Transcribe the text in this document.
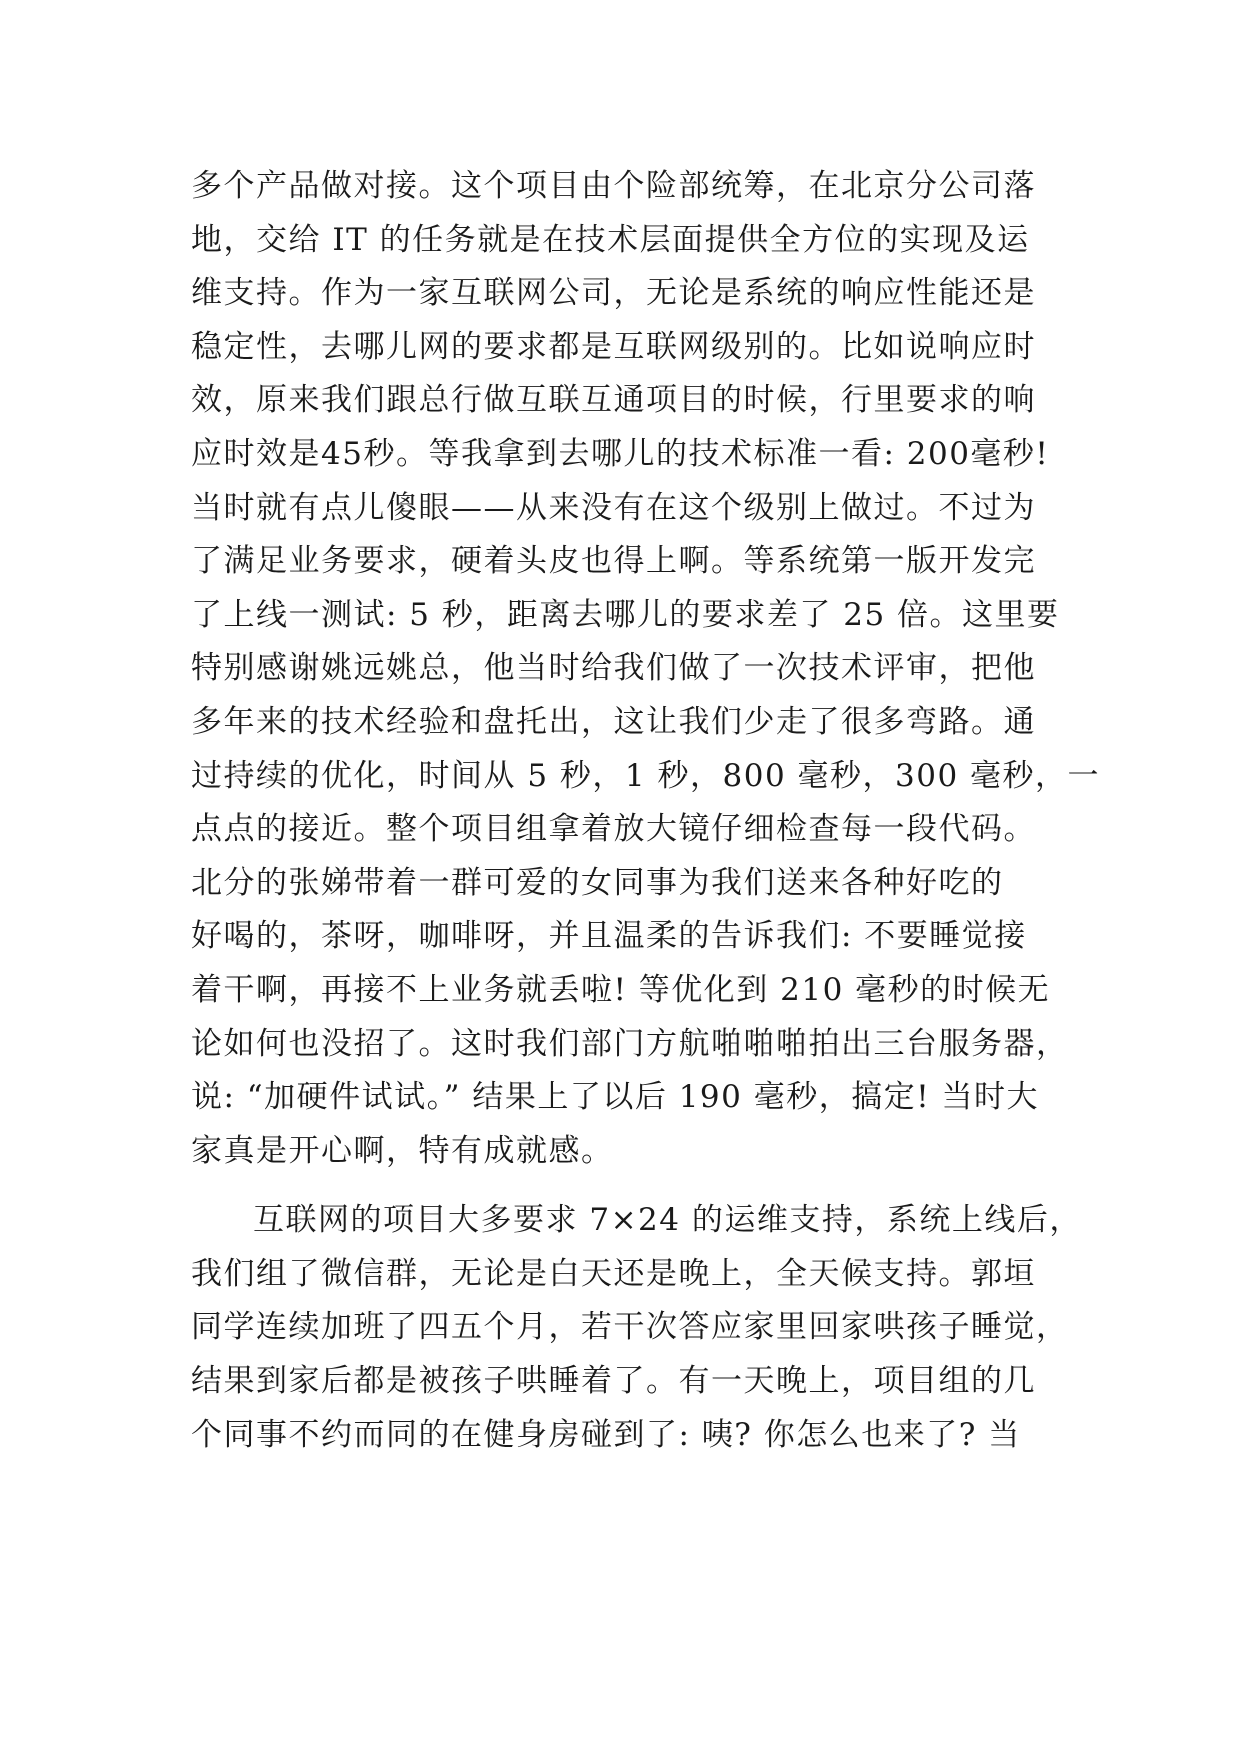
多个产品做对接。这个项目由个险部统筹，在北京分公司落
地，交给 IT 的任务就是在技术层面提供全方位的实现及运
维支持。作为一家互联网公司，无论是系统的响应性能还是
稳定性，去哪儿网的要求都是互联网级别的。比如说响应时
效，原来我们跟总行做互联互通项目的时候，行里要求的响
应时效是45秒。等我拿到去哪儿的技术标准一看: 200毫秒!
当时就有点儿傻眼——从来没有在这个级别上做过。不过为
了满足业务要求，硬着头皮也得上啊。等系统第一版开发完
了上线一测试: 5 秒，距离去哪儿的要求差了 25 倍。这里要
特别感谢姚远姚总，他当时给我们做了一次技术评审，把他
多年来的技术经验和盘托出，这让我们少走了很多弯路。通
过持续的优化，时间从 5 秒，1 秒，800 毫秒，300 毫秒，一
点点的接近。整个项目组拿着放大镜仔细检查每一段代码。
北分的张娣带着一群可爱的女同事为我们送来各种好吃的
好喝的，茶呀，咖啡呀，并且温柔的告诉我们: 不要睡觉接
着干啊，再接不上业务就丢啦! 等优化到 210 毫秒的时候无
论如何也没招了。这时我们部门方航啪啪啪拍出三台服务器，
说: “加硬件试试。” 结果上了以后 190 毫秒，搞定! 当时大
家真是开心啊，特有成就感。
互联网的项目大多要求 7×24 的运维支持，系统上线后，
我们组了微信群，无论是白天还是晚上，全天候支持。郭垣
同学连续加班了四五个月，若干次答应家里回家哄孩子睡觉，
结果到家后都是被孩子哄睡着了。有一天晚上，项目组的几
个同事不约而同的在健身房碰到了: 咦? 你怎么也来了? 当
